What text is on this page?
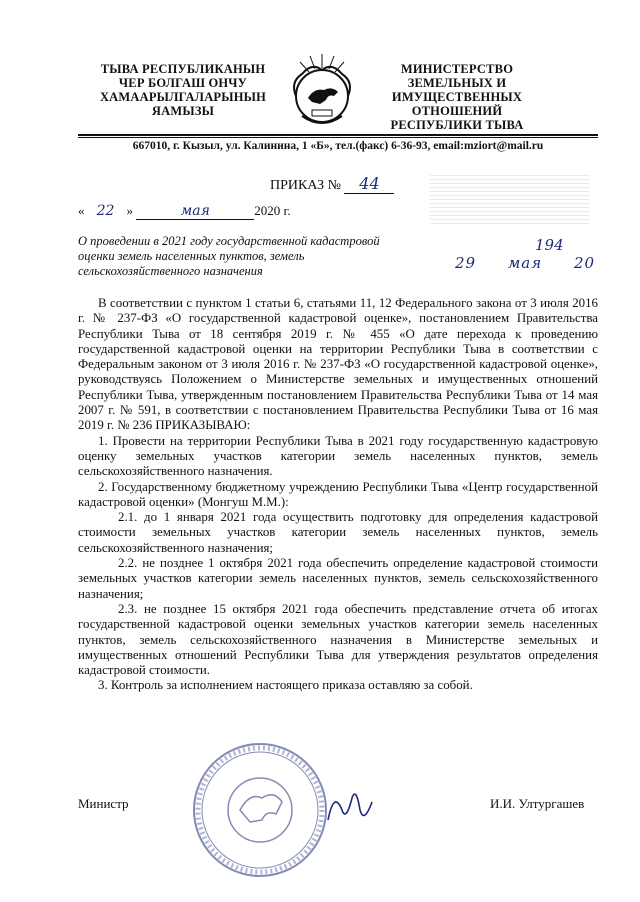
ТЫВА РЕСПУБЛИКАНЫН
ЧЕР БОЛГАШ ОНЧУ
ХАМААРЫЛГАЛАРЫНЫН
ЯАМЫЗЫ
МИНИСТЕРСТВО
ЗЕМЕЛЬНЫХ И ИМУЩЕСТВЕННЫХ
ОТНОШЕНИЙ
РЕСПУБЛИКИ ТЫВА
667010, г. Кызыл, ул. Калинина, 1 «Б», тел.(факс) 6-36-93, email:mziort@mail.ru
ПРИКАЗ № 44
« 22 »	мая	2020 г.
194
29 мая 20
О проведении в 2021 году государственной кадастровой оценки земель населенных пунктов, земель сельскохозяйственного назначения

В соответствии с пунктом 1 статьи 6, статьями 11, 12 Федерального закона от 3 июля 2016 г. № 237-ФЗ «О государственной кадастровой оценке», постановлением Правительства Республики Тыва от 18 сентября 2019 г. № 455 «О дате перехода к проведению государственной кадастровой оценки на территории Республики Тыва в соответствии с Федеральным законом от 3 июля 2016 г. № 237-ФЗ «О государственной кадастровой оценке», руководствуясь Положением о Министерстве земельных и имущественных отношений Республики Тыва, утвержденным постановлением Правительства Республики Тыва от 14 мая 2007 г. № 591, в соответствии с постановлением Правительства Республики Тыва от 16 мая 2019 г. № 236 ПРИКАЗЫВАЮ:

1. Провести на территории Республики Тыва в 2021 году государственную кадастровую оценку земельных участков категории земель населенных пунктов, земель сельскохозяйственного назначения.

2. Государственному бюджетному учреждению Республики Тыва «Центр государственной кадастровой оценки» (Монгуш М.М.):

2.1. до 1 января 2021 года осуществить подготовку для определения кадастровой стоимости земельных участков категории земель населенных пунктов, земель сельскохозяйственного назначения;

2.2. не позднее 1 октября 2021 года обеспечить определение кадастровой стоимости земельных участков категории земель населенных пунктов, земель сельскохозяйственного назначения;

2.3. не позднее 15 октября 2021 года обеспечить представление отчета об итогах государственной кадастровой оценки земельных участков категории земель населенных пунктов, земель сельскохозяйственного назначения в Министерстве земельных и имущественных отношений Республики Тыва для утверждения результатов определения кадастровой стоимости.

3. Контроль за исполнением настоящего приказа оставляю за собой.

Министр	И.И. Ултургашев
